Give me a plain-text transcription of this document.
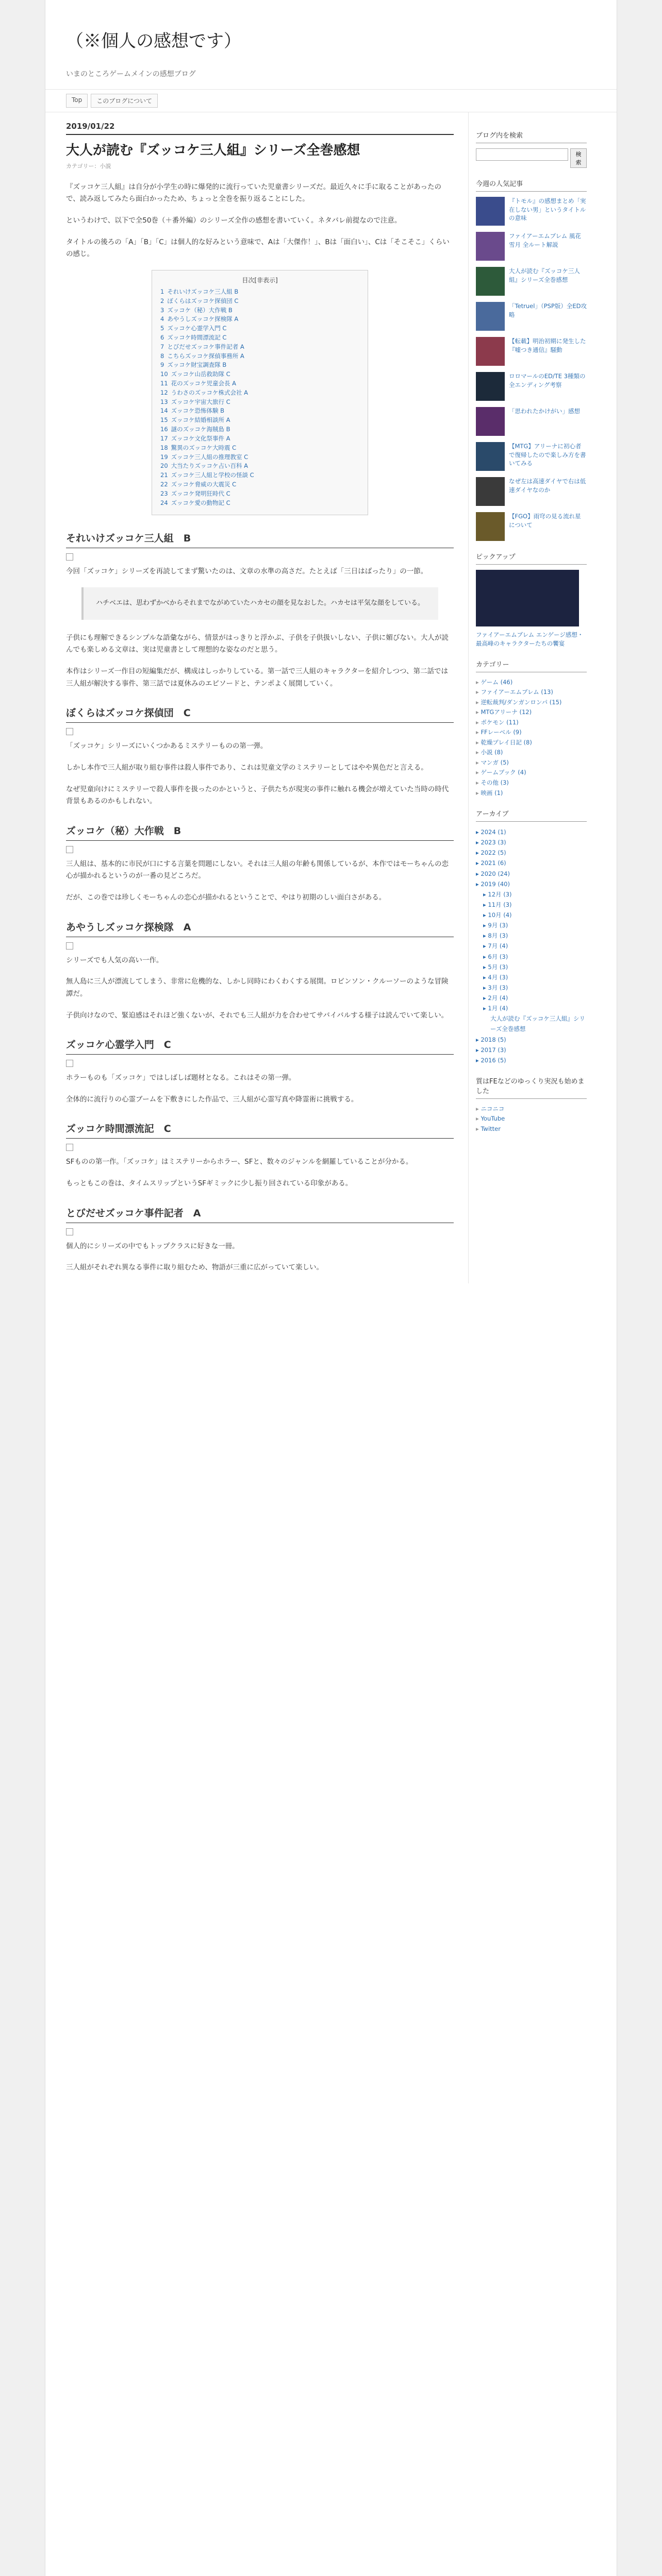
（※個人の感想です）
いまのところゲームメインの感想ブログ
Top	このブログについて
2019/01/22
大人が読む『ズッコケ三人組』シリーズ全巻感想
カテゴリー：小説

『ズッコケ三人組』は自分が小学生の時に爆発的に流行っていた児童書シリーズだ。最近久々に手に取ることがあったので、読み返してみたら面白かったため、ちょっと全巻を振り返ることにした。

というわけで、以下で全50巻（＋番外編）のシリーズ全作の感想を書いていく。ネタバレ前提なので注意。

タイトルの後ろの「A」「B」「C」は個人的な好みという意味で、Aは「大傑作！」、Bは「面白い」、Cは「そこそこ」くらいの感じ。

目次[非表示]
1 それいけズッコケ三人組 B
2 ぼくらはズッコケ探偵団 C
3 ズッコケ（秘）大作戦 B
4 あやうしズッコケ探検隊 A
5 ズッコケ心霊学入門 C
6 ズッコケ時間漂流記 C
7 とびだせズッコケ事件記者 A
8 こちらズッコケ探偵事務所 A
9 ズッコケ財宝調査隊 B
10 ズッコケ山岳救助隊 C
11 花のズッコケ児童会長 A
12 うわさのズッコケ株式会社 A
13 ズッコケ宇宙大旅行 C
14 ズッコケ恐怖体験 B
15 ズッコケ結婚相談所 A
16 謎のズッコケ海賊島 B
17 ズッコケ文化祭事件 A
18 驚異のズッコケ大時震 C
19 ズッコケ三人組の推理教室 C
20 大当たりズッコケ占い百科 A
21 ズッコケ三人組と学校の怪談 C
22 ズッコケ脅威の大震災 C
23 ズッコケ発明狂時代 C
24 ズッコケ愛の動物記 C
それいけズッコケ三人組　B

今回「ズッコケ」シリーズを再読してまず驚いたのは、文章の水準の高さだ。たとえば「三日はばったり」の一節。

ハチベエは、思わずかべからそれまでながめていたハカセの顔を見なおした。ハカセは平気な顔をしている。

子供にも理解できるシンプルな語彙ながら、情景がはっきりと浮かぶ、子供を子供扱いしない、子供に媚びない。大人が読んでも楽しめる文章は、実は児童書として理想的な姿なのだと思う。

本作はシリーズ一作目の短編集だが、構成はしっかりしている。第一話で三人組のキャラクターを紹介しつつ、第二話では三人組が解決する事件、第三話では夏休みのエピソードと、テンポよく展開していく。

ぼくらはズッコケ探偵団　C

「ズッコケ」シリーズにいくつかあるミステリーものの第一弾。

しかし本作で三人組が取り組む事件は殺人事件であり、これは児童文学のミステリーとしてはやや異色だと言える。

なぜ児童向けにミステリーで殺人事件を扱ったのかというと、子供たちが現実の事件に触れる機会が増えていた当時の時代背景もあるのかもしれない。

ズッコケ（秘）大作戦　B

三人組は、基本的に市民が口にする言葉を問題にしない。それは三人組の年齢も関係しているが、本作ではモーちゃんの恋心が描かれるというのが一番の見どころだ。

だが、この巻では珍しくモーちゃんの恋心が描かれるということで、やはり初期のしい面白さがある。

あやうしズッコケ探検隊　A

シリーズでも人気の高い一作。

無人島に三人が漂流してしまう、非常に危機的な、しかし同時にわくわくする展開。ロビンソン・クルーソーのような冒険譚だ。

子供向けなので、緊迫感はそれほど強くないが、それでも三人組が力を合わせてサバイバルする様子は読んでいて楽しい。

ズッコケ心霊学入門　C

ホラーものも「ズッコケ」ではしばしば題材となる。これはその第一弾。

全体的に流行りの心霊ブームを下敷きにした作品で、三人組が心霊写真や降霊術に挑戦する。

ズッコケ時間漂流記　C

SFものの第一作。「ズッコケ」はミステリーからホラー、SFと、数々のジャンルを網羅していることが分かる。

もっともこの巻は、タイムスリップというSFギミックに少し振り回されている印象がある。

とびだせズッコケ事件記者　A

個人的にシリーズの中でもトップクラスに好きな一冊。

三人組がそれぞれ異なる事件に取り組むため、物語が三重に広がっていて楽しい。

ブログ内を検索
検索
今週の人気記事
『トモル』の感想まとめ「実在しない男」というタイトルの意味
ファイアーエムブレム 風花雪月 全ルート解説
大人が読む『ズッコケ三人組』シリーズ全巻感想
「Tetruel」（PSP版）全ED攻略
【転載】明治初期に発生した『嘘つき通信』騒動
ロロマールのED/TE 3種類の全エンディング考察
「思われたかけがい」感想
【MTG】アリーナに初心者で復帰したので楽しみ方を書いてみる
なぜ左は高速ダイヤで右は低速ダイヤなのか
【FGO】雨穹の見る流れ星について
ピックアップ
ファイアーエムブレム エンゲージ感想・最高峰のキャラクターたちの饗宴
カテゴリー
▸ ゲーム (46)
▸ ファイアーエムブレム (13)
▸ 逆転裁判/ダンガンロンパ (15)
▸ MTGアリーナ (12)
▸ ポケモン (11)
▸ FFレーベル (9)
▸ 乾燥プレイ日記 (8)
▸ 小説 (8)
▸ マンガ (5)
▸ ゲームブック (4)
▸ その他 (3)
▸ 映画 (1)
アーカイブ
▸ 2024 (1)
▸ 2023 (3)
▸ 2022 (5)
▸ 2021 (6)
▸ 2020 (24)
▸ 2019 (40)
▸ 12月 (3)
▸ 11月 (3)
▸ 10月 (4)
▸ 9月 (3)
▸ 8月 (3)
▸ 7月 (4)
▸ 6月 (3)
▸ 5月 (3)
▸ 4月 (3)
▸ 3月 (3)
▸ 2月 (4)
▸ 1月 (4)
大人が読む『ズッコケ三人組』シリーズ全巻感想
▸ 2018 (5)
▸ 2017 (3)
▸ 2016 (5)
質はFEなどのゆっくり実況も始めました
▸ ニコニコ
▸ YouTube
▸ Twitter
